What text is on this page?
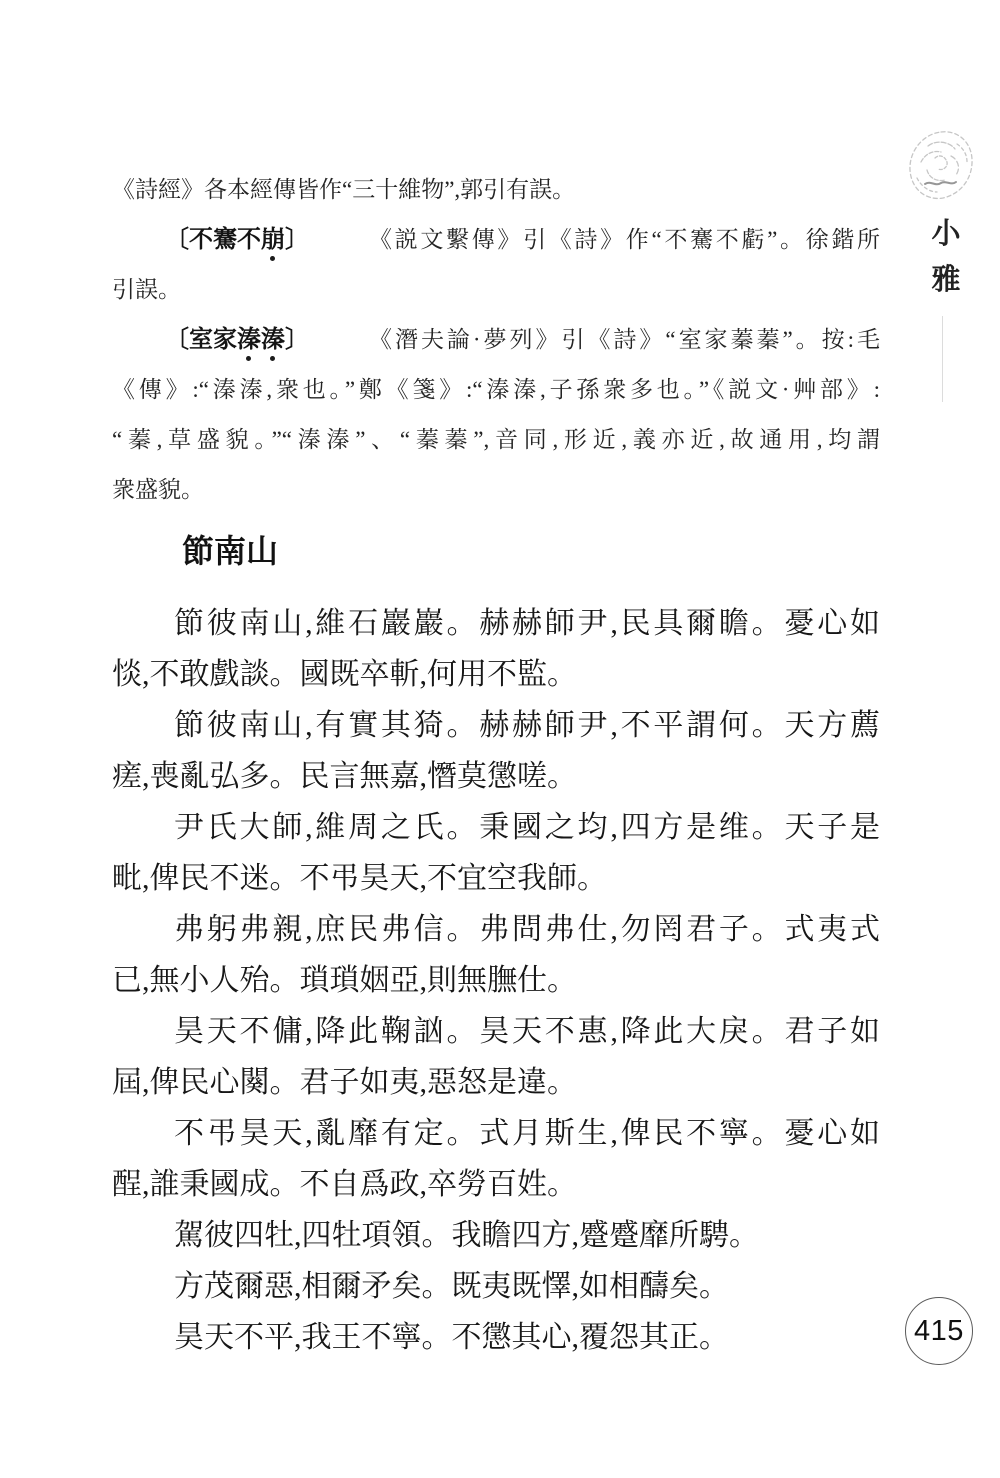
小
雅
《詩經》各本經傳皆作“三十維物”,郭引有誤。
〔不騫不崩〕	《説文繫傳》引《詩》作“不騫不虧”。徐鍇所
引誤。
〔室家溱溱〕	《潛夫論·夢列》引《詩》“室家蓁蓁”。按:毛
《傳》:“溱溱,衆也。”鄭《箋》:“溱溱,子孫衆多也。”《説文·艸部》:
“蓁,草盛貌。”“溱溱”、“蓁蓁”,音同,形近,義亦近,故通用,均謂
衆盛貌。
節南山
節彼南山,維石巖巖。赫赫師尹,民具爾瞻。憂心如
惔,不敢戲談。國既卒斬,何用不監。
節彼南山,有實其猗。赫赫師尹,不平謂何。天方薦
瘥,喪亂弘多。民言無嘉,憯莫懲嗟。
尹氏大師,維周之氏。秉國之均,四方是维。天子是
毗,俾民不迷。不弔昊天,不宜空我師。
弗躬弗親,庶民弗信。弗問弗仕,勿罔君子。式夷式
已,無小人殆。瑣瑣姻亞,則無膴仕。
昊天不傭,降此鞠訩。昊天不惠,降此大戾。君子如
屆,俾民心闋。君子如夷,惡怒是違。
不弔昊天,亂靡有定。式月斯生,俾民不寧。憂心如
酲,誰秉國成。不自爲政,卒勞百姓。
駕彼四牡,四牡項領。我瞻四方,蹙蹙靡所騁。
方茂爾惡,相爾矛矣。既夷既懌,如相醻矣。
昊天不平,我王不寧。不懲其心,覆怨其正。	415
